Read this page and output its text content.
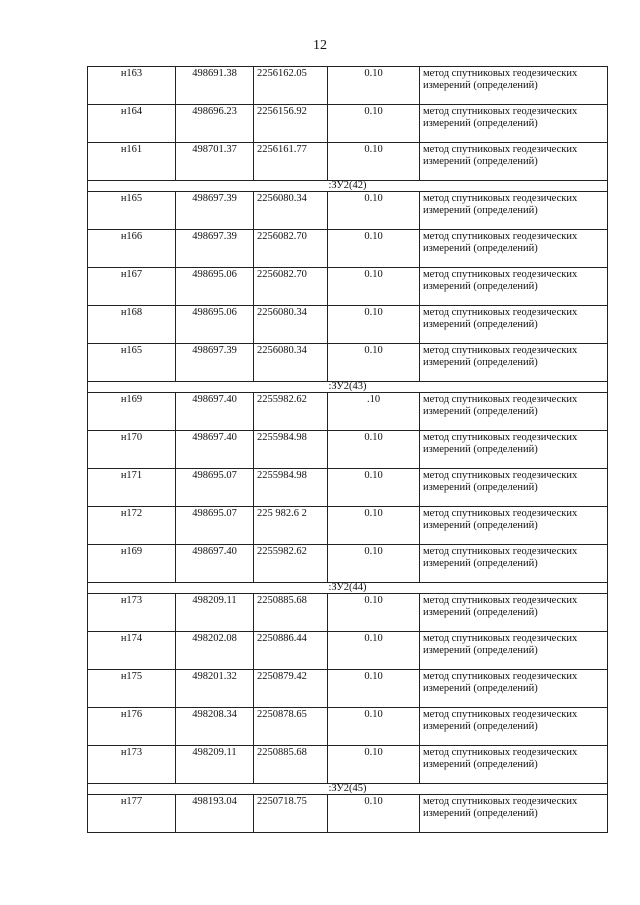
12
н163	498691.38	2256162.05	0.10	метод спутниковых геодезических измерений (определений)
н164	498696.23	2256156.92	0.10	метод спутниковых геодезических измерений (определений)
н161	498701.37	2256161.77	0.10	метод спутниковых геодезических измерений (определений)
:ЗУ2(42)				
н165	498697.39	2256080.34	0.10	метод спутниковых геодезических измерений (определений)
н166	498697.39	2256082.70	0.10	метод спутниковых геодезических измерений (определений)
н167	498695.06	2256082.70	0.10	метод спутниковых геодезических измерений (определений)
н168	498695.06	2256080.34	0.10	метод спутниковых геодезических измерений (определений)
н165	498697.39	2256080.34	0.10	метод спутниковых геодезических измерений (определений)
:ЗУ2(43)				
н169	498697.40	2255982.62	.10	метод спутниковых геодезических измерений (определений)
н170	498697.40	2255984.98	0.10	метод спутниковых геодезических измерений (определений)
н171	498695.07	2255984.98	0.10	метод спутниковых геодезических измерений (определений)
н172	498695.07	225 982.6 2	0.10	метод спутниковых геодезических измерений (определений)
н169	498697.40	2255982.62	0.10	метод спутниковых геодезических измерений (определений)
:ЗУ2(44)				
н173	498209.11	2250885.68	0.10	метод спутниковых геодезических измерений (определений)
н174	498202.08	2250886.44	0.10	метод спутниковых геодезических измерений (определений)
н175	498201.32	2250879.42	0.10	метод спутниковых геодезических измерений (определений)
н176	498208.34	2250878.65	0.10	метод спутниковых геодезических измерений (определений)
н173	498209.11	2250885.68	0.10	метод спутниковых геодезических измерений (определений)
:ЗУ2(45)				
н177	498193.04	2250718.75	0.10	метод спутниковых геодезических измерений (определений)
